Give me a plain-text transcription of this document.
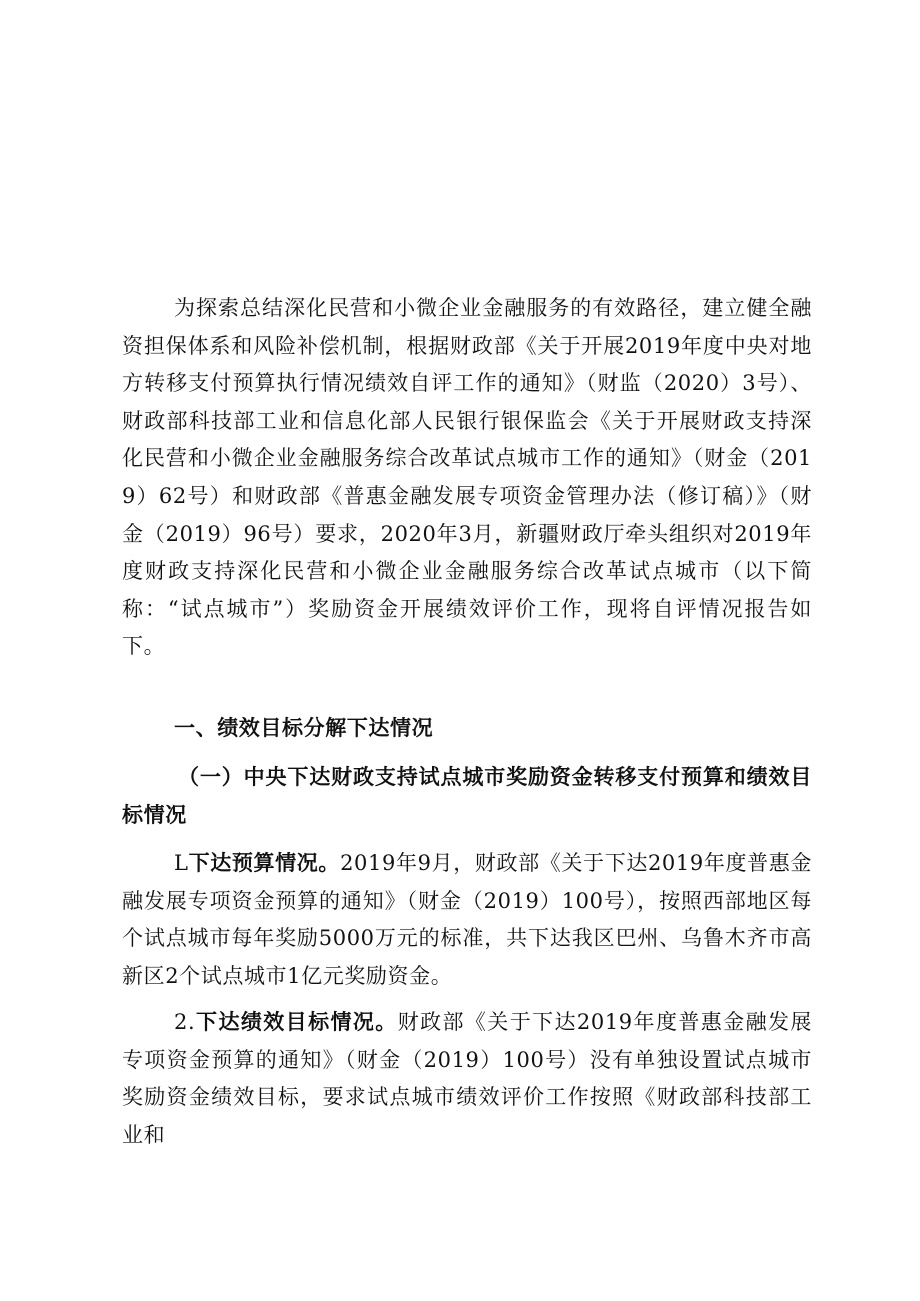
为探索总结深化民营和小微企业金融服务的有效路径，建立健全融资担保体系和风险补偿机制，根据财政部《关于开展2019年度中央对地方转移支付预算执行情况绩效自评工作的通知》（财监（2020）3号）、财政部科技部工业和信息化部人民银行银保监会《关于开展财政支持深化民营和小微企业金融服务综合改革试点城市工作的通知》（财金（2019）62号）和财政部《普惠金融发展专项资金管理办法（修订稿）》（财金（2019）96号）要求，2020年3月，新疆财政厅牵头组织对2019年度财政支持深化民营和小微企业金融服务综合改革试点城市（以下简称：“试点城市”）奖励资金开展绩效评价工作，现将自评情况报告如下。

一、绩效目标分解下达情况

（一）中央下达财政支持试点城市奖励资金转移支付预算和绩效目标情况

L下达预算情况。2019年9月，财政部《关于下达2019年度普惠金融发展专项资金预算的通知》（财金（2019）100号），按照西部地区每个试点城市每年奖励5000万元的标准，共下达我区巴州、乌鲁木齐市高新区2个试点城市1亿元奖励资金。

2.下达绩效目标情况。财政部《关于下达2019年度普惠金融发展专项资金预算的通知》（财金（2019）100号）没有单独设置试点城市奖励资金绩效目标，要求试点城市绩效评价工作按照《财政部科技部工业和
